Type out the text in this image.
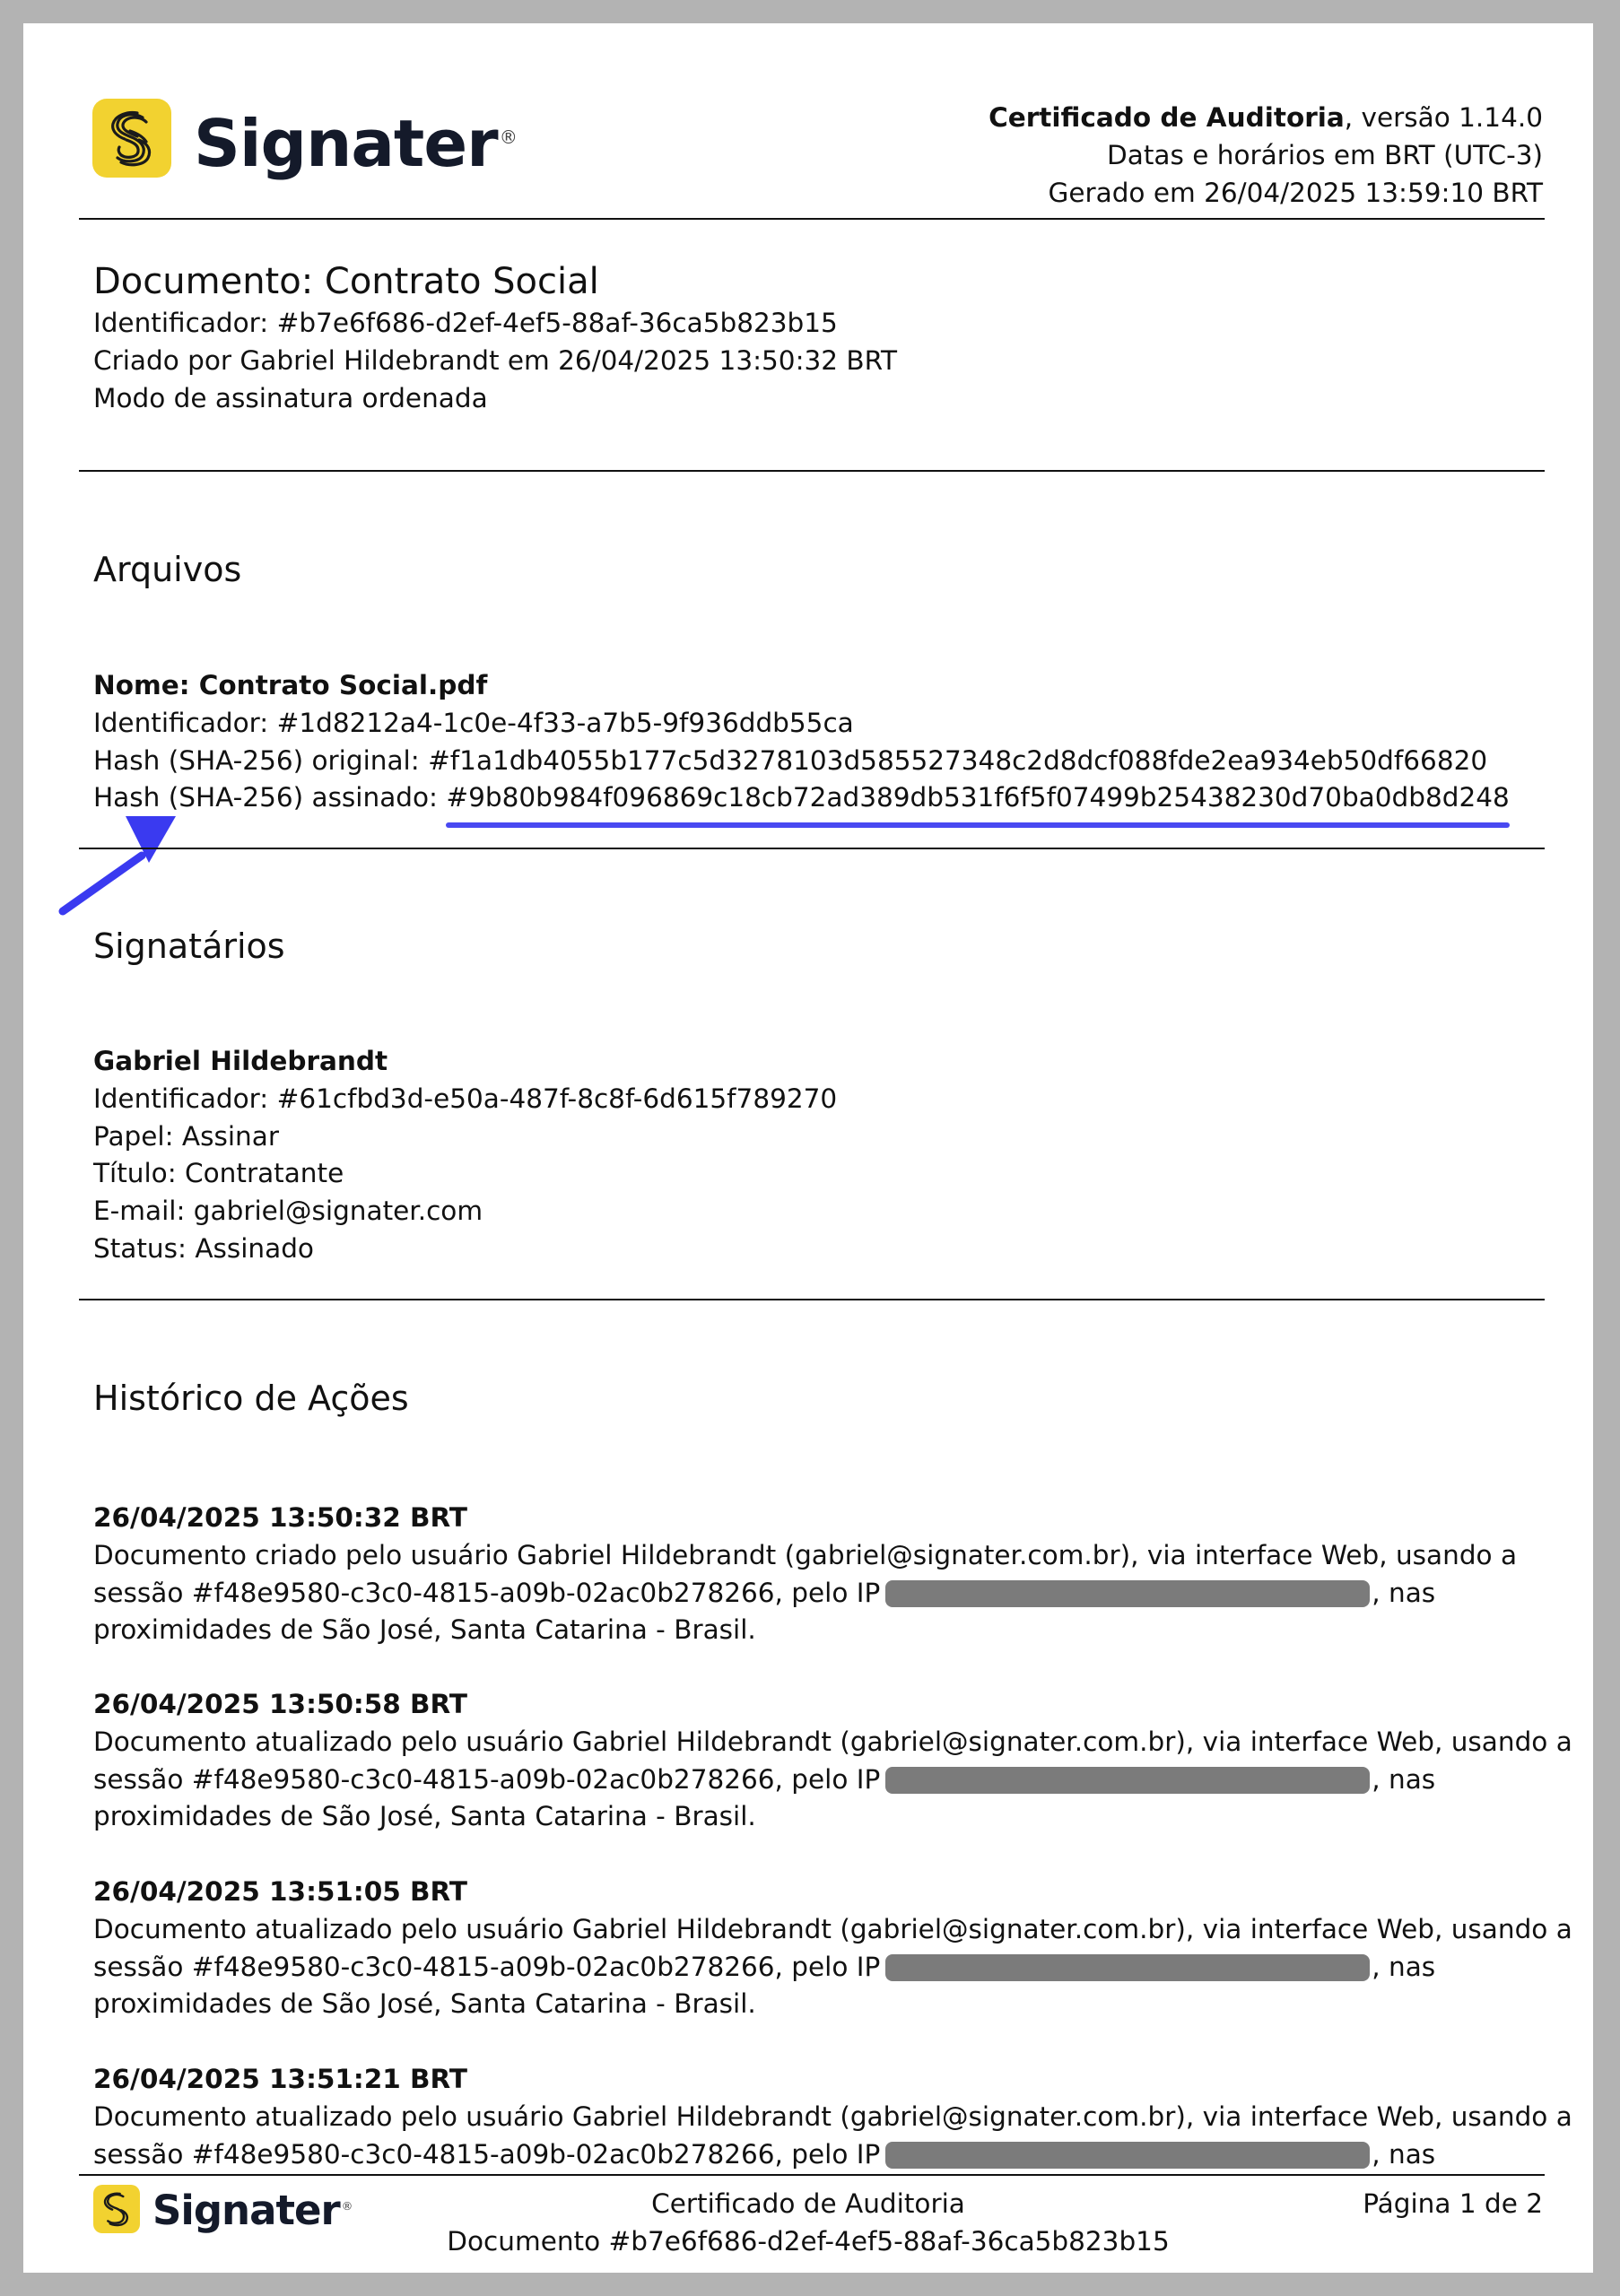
Signater®
Certificado de Auditoria, versão 1.14.0
Datas e horários em BRT (UTC-3)
Gerado em 26/04/2025 13:59:10 BRT
Documento: Contrato Social
Identificador: #b7e6f686-d2ef-4ef5-88af-36ca5b823b15
Criado por Gabriel Hildebrandt em 26/04/2025 13:50:32 BRT
Modo de assinatura ordenada
Arquivos
Nome: Contrato Social.pdf
Identificador: #1d8212a4-1c0e-4f33-a7b5-9f936ddb55ca
Hash (SHA-256) original: #f1a1db4055b177c5d3278103d585527348c2d8dcf088fde2ea934eb50df66820
Hash (SHA-256) assinado: #9b80b984f096869c18cb72ad389db531f6f5f07499b25438230d70ba0db8d248
Signatários
Gabriel Hildebrandt
Identificador: #61cfbd3d-e50a-487f-8c8f-6d615f789270
Papel: Assinar
Título: Contratante
E-mail: gabriel@signater.com
Status: Assinado
Histórico de Ações
26/04/2025 13:50:32 BRT
Documento criado pelo usuário Gabriel Hildebrandt (gabriel@signater.com.br), via interface Web, usando a
sessão #f48e9580-c3c0-4815-a09b-02ac0b278266, pelo IP	, nas
proximidades de São José, Santa Catarina - Brasil.
26/04/2025 13:50:58 BRT
Documento atualizado pelo usuário Gabriel Hildebrandt (gabriel@signater.com.br), via interface Web, usando a
sessão #f48e9580-c3c0-4815-a09b-02ac0b278266, pelo IP	, nas
proximidades de São José, Santa Catarina - Brasil.
26/04/2025 13:51:05 BRT
Documento atualizado pelo usuário Gabriel Hildebrandt (gabriel@signater.com.br), via interface Web, usando a
sessão #f48e9580-c3c0-4815-a09b-02ac0b278266, pelo IP	, nas
proximidades de São José, Santa Catarina - Brasil.
26/04/2025 13:51:21 BRT
Documento atualizado pelo usuário Gabriel Hildebrandt (gabriel@signater.com.br), via interface Web, usando a
sessão #f48e9580-c3c0-4815-a09b-02ac0b278266, pelo IP	, nas
Signater ®	Certificado de Auditoria
Documento #b7e6f686-d2ef-4ef5-88af-36ca5b823b15
Página 1 de 2
